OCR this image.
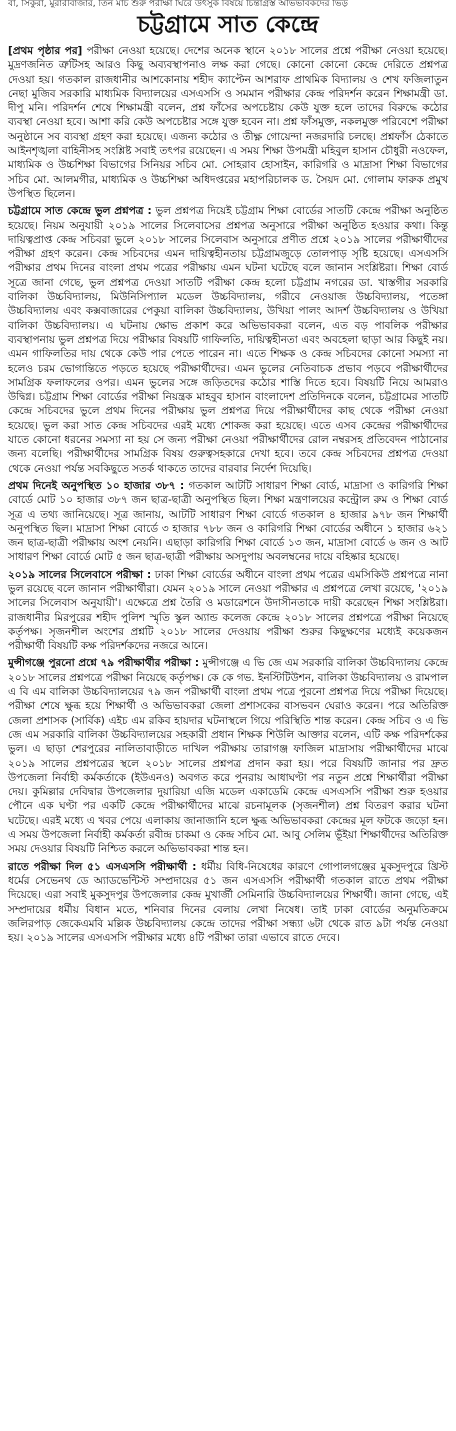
বা, সিকুরা, মুরারীবাজার, তিন মার্চ শুরু পরীক্ষা ঘিরে উৎসুক বিষয়ে চিন্তাগ্রস্ত অভিভাবকদের ভিড়
চট্টগ্রামে সাত কেন্দ্রে

[প্রথম পৃষ্ঠার পর] পরীক্ষা নেওয়া হয়েছে। দেশের অনেক স্থানে ২০১৮ সালের প্রশ্নে পরীক্ষা নেওয়া হয়েছে। মুদ্রণজনিত ত্রুটিসহ আরও কিছু অব্যবস্থাপনাও লক্ষ করা গেছে। কোনো কোনো কেন্দ্রে দেরিতে প্রশ্নপত্র দেওয়া হয়। গতকাল রাজধানীর আশকোনায় শহীদ ক্যাপ্টেন আশরাফ প্রাথমিক বিদ্যালয় ও শেখ ফজিলাতুন নেছা মুজিব সরকারি মাধ্যমিক বিদ্যালয়ের এসএসসি ও সমমান পরীক্ষার কেন্দ্র পরিদর্শন করেন শিক্ষামন্ত্রী ডা. দীপু মনি। পরিদর্শন শেষে শিক্ষামন্ত্রী বলেন, প্রশ্ন ফাঁসের অপচেষ্টায় কেউ যুক্ত হলে তাদের বিরুদ্ধে কঠোর ব্যবস্থা নেওয়া হবে। আশা করি কেউ অপচেষ্টার সঙ্গে যুক্ত হবেন না। প্রশ্ন ফাঁসমুক্ত, নকলমুক্ত পরিবেশে পরীক্ষা অনুষ্ঠানে সব ব্যবস্থা গ্রহণ করা হয়েছে। এজন্য কঠোর ও তীক্ষ্ণ গোয়েন্দা নজরদারি চলছে। প্রশ্নফাঁস ঠেকাতে আইনশৃঙ্খলা বাহিনীসহ সংশ্লিষ্ট সবাই তৎপর রয়েছেন। এ সময় শিক্ষা উপমন্ত্রী মহিবুল হাসান চৌধুরী নওফেল, মাধ্যমিক ও উচ্চশিক্ষা বিভাগের সিনিয়র সচিব মো. সোহরাব হোসাইন, কারিগরি ও মাদ্রাসা শিক্ষা বিভাগের সচিব মো. আলমগীর, মাধ্যমিক ও উচ্চশিক্ষা অধিদপ্তরের মহাপরিচালক ড. সৈয়দ মো. গোলাম ফারুক প্রমুখ উপস্থিত ছিলেন।

চট্টগ্রামে সাত কেন্দ্রে ভুল প্রশ্নপত্র : ভুল প্রশ্নপত্র দিয়েই চট্টগ্রাম শিক্ষা বোর্ডের সাতটি কেন্দ্রে পরীক্ষা অনুষ্ঠিত হয়েছে। নিয়ম অনুযায়ী ২০১৯ সালের সিলেবাসের প্রশ্নপত্র অনুসারে পরীক্ষা অনুষ্ঠিত হওয়ার কথা। কিন্তু দায়িত্বপ্রাপ্ত কেন্দ্র সচিবরা ভুলে ২০১৮ সালের সিলেবাস অনুসারে প্রণীত প্রশ্নে ২০১৯ সালের পরীক্ষার্থীদের পরীক্ষা গ্রহণ করেন। কেন্দ্র সচিবদের এমন দায়িত্বহীনতায় চট্টগ্রামজুড়ে তোলপাড় সৃষ্টি হয়েছে। এসএসসি পরীক্ষার প্রথম দিনের বাংলা প্রথম পত্রের পরীক্ষায় এমন ঘটনা ঘটেছে বলে জানান সংশ্লিষ্টরা। শিক্ষা বোর্ড সূত্রে জানা গেছে, ভুল প্রশ্নপত্র দেওয়া সাতটি পরীক্ষা কেন্দ্র হলো চট্টগ্রাম নগরের ডা. খাস্তগীর সরকারি বালিকা উচ্চবিদ্যালয়, মিউনিসিপ্যাল মডেল উচ্চবিদ্যালয়, গরীবে নেওয়াজ উচ্চবিদ্যালয়, পতেঙ্গা উচ্চবিদ্যালয় এবং কক্সবাজারের পেকুয়া বালিকা উচ্চবিদ্যালয়, উখিয়া পালং আদর্শ উচ্চবিদ্যালয় ও উখিয়া বালিকা উচ্চবিদ্যালয়। এ ঘটনায় ক্ষোভ প্রকাশ করে অভিভাবকরা বলেন, এত বড় পাবলিক পরীক্ষার ব্যবস্থাপনায় ভুল প্রশ্নপত্র দিয়ে পরীক্ষার বিষয়টি গাফিলতি, দায়িত্বহীনতা এবং অবহেলা ছাড়া আর কিছুই নয়। এমন গাফিলতির দায় থেকে কেউ পার পেতে পারেন না। এতে শিক্ষক ও কেন্দ্র সচিবদের কোনো সমস্যা না হলেও চরম ভোগান্তিতে পড়তে হয়েছে পরীক্ষার্থীদের। এমন ভুলের নেতিবাচক প্রভাব পড়বে পরীক্ষার্থীদের সামগ্রিক ফলাফলের ওপর। এমন ভুলের সঙ্গে জড়িতদের কঠোর শাস্তি দিতে হবে। বিষয়টি নিয়ে আমরাও উদ্বিগ্ন। চট্টগ্রাম শিক্ষা বোর্ডের পরীক্ষা নিয়ন্ত্রক মাহবুব হাসান বাংলাদেশ প্রতিদিনকে বলেন, চট্টগ্রামের সাতটি কেন্দ্রে সচিবদের ভুলে প্রথম দিনের পরীক্ষায় ভুল প্রশ্নপত্র দিয়ে পরীক্ষার্থীদের কাছ থেকে পরীক্ষা নেওয়া হয়েছে। ভুল করা সাত কেন্দ্র সচিবদের এরই মধ্যে শোকজ করা হয়েছে। এতে এসব কেন্দ্রের পরীক্ষার্থীদের যাতে কোনো ধরনের সমস্যা না হয় সে জন্য পরীক্ষা নেওয়া পরীক্ষার্থীদের রোল নম্বরসহ প্রতিবেদন পাঠানোর জন্য বলেছি। পরীক্ষার্থীদের সামগ্রিক বিষয় গুরুত্বসহকারে দেখা হবে। তবে কেন্দ্র সচিবদের প্রশ্নপত্র দেওয়া থেকে নেওয়া পর্যন্ত সবকিছুতে সতর্ক থাকতে তাদের বারবার নির্দেশ দিয়েছি।

প্রথম দিনেই অনুপস্থিত ১০ হাজার ৩৮৭ : গতকাল আটটি সাধারণ শিক্ষা বোর্ড, মাদ্রাসা ও কারিগরি শিক্ষা বোর্ডে মোট ১০ হাজার ৩৮৭ জন ছাত্র-ছাত্রী অনুপস্থিত ছিল। শিক্ষা মন্ত্রণালয়ের কন্ট্রোল রুম ও শিক্ষা বোর্ড সূত্র এ তথ্য জানিয়েছে। সূত্র জানায়, আটটি সাধারণ শিক্ষা বোর্ডে গতকাল ৪ হাজার ৯৭৮ জন শিক্ষার্থী অনুপস্থিত ছিল। মাদ্রাসা শিক্ষা বোর্ডে ৩ হাজার ৭৮৮ জন ও কারিগরি শিক্ষা বোর্ডের অধীনে ১ হাজার ৬২১ জন ছাত্র-ছাত্রী পরীক্ষায় অংশ নেয়নি। এছাড়া কারিগরি শিক্ষা বোর্ডে ১৩ জন, মাদ্রাসা বোর্ডে ৬ জন ও আট সাধারণ শিক্ষা বোর্ডে মোট ৫ জন ছাত্র-ছাত্রী পরীক্ষায় অসদুপায় অবলম্বনের দায়ে বহিষ্কার হয়েছে।

২০১৯ সালের সিলেবাসে পরীক্ষা : ঢাকা শিক্ষা বোর্ডের অধীনে বাংলা প্রথম পত্রের এমসিকিউ প্রশ্নপত্রে নানা ভুল রয়েছে বলে জানান পরীক্ষার্থীরা। যেমন ২০১৯ সালে নেওয়া পরীক্ষার এ প্রশ্নপত্রে লেখা রয়েছে, '২০১৯ সালের সিলেবাস অনুযায়ী'। এক্ষেত্রে প্রশ্ন তৈরি ও মডারেশনে উদাসীনতাকে দায়ী করেছেন শিক্ষা সংশ্লিষ্টরা। রাজধানীর মিরপুরের শহীদ পুলিশ স্মৃতি স্কুল অ্যান্ড কলেজ কেন্দ্রে ২০১৮ সালের প্রশ্নপত্রে পরীক্ষা নিয়েছে কর্তৃপক্ষ। সৃজনশীল অংশের প্রশ্নটি ২০১৮ সালের দেওয়ায় পরীক্ষা শুরুর কিছুক্ষণের মধ্যেই কয়েকজন পরীক্ষার্থী বিষয়টি কক্ষ পরিদর্শকদের নজরে আনে।

মুন্সীগঞ্জে পুরনো প্রশ্নে ৭৯ পরীক্ষার্থীর পরীক্ষা : মুন্সীগঞ্জে এ ভি জে এম সরকারি বালিকা উচ্চবিদ্যালয় কেন্দ্রে ২০১৮ সালের প্রশ্নপত্রে পরীক্ষা নিয়েছে কর্তৃপক্ষ। কে কে গভ. ইনস্টিটিউশন, বালিকা উচ্চবিদ্যালয় ও রামপাল এ বি এম বালিকা উচ্চবিদ্যালয়ের ৭৯ জন পরীক্ষার্থী বাংলা প্রথম পত্রে পুরনো প্রশ্নপত্র দিয়ে পরীক্ষা দিয়েছে। পরীক্ষা শেষে ক্ষুব্ধ হয়ে শিক্ষার্থী ও অভিভাবকরা জেলা প্রশাসকের বাসভবন ঘেরাও করেন। পরে অতিরিক্ত জেলা প্রশাসক (সার্বিক) এইচ এম রকিব হায়দার ঘটনাস্থলে গিয়ে পরিস্থিতি শান্ত করেন। কেন্দ্র সচিব ও এ ভি জে এম সরকারি বালিকা উচ্চবিদ্যালয়ের সহকারী প্রধান শিক্ষক শিউলি আক্তার বলেন, এটি কক্ষ পরিদর্শকের ভুল। এ ছাড়া শেরপুরের নালিতাবাড়ীতে দাখিল পরীক্ষায় তারাগঞ্জ ফাজিল মাদ্রাসায় পরীক্ষার্থীদের মাঝে ২০১৯ সালের প্রশ্নপত্রের স্থলে ২০১৮ সালের প্রশ্নপত্র প্রদান করা হয়। পরে বিষয়টি জানার পর দ্রুত উপজেলা নির্বাহী কর্মকর্তাকে (ইউএনও) অবগত করে পুনরায় আধাঘণ্টা পর নতুন প্রশ্নে শিক্ষার্থীরা পরীক্ষা দেয়। কুমিল্লার দেবিদ্বার উপজেলার দুয়ারিয়া এজি মডেল একাডেমি কেন্দ্রে এসএসসি পরীক্ষা শুরু হওয়ার পৌনে এক ঘণ্টা পর একটি কেন্দ্রে পরীক্ষার্থীদের মাঝে রচনামূলক (সৃজনশীল) প্রশ্ন বিতরণ করার ঘটনা ঘটেছে। এরই মধ্যে এ খবর পেয়ে এলাকায় জানাজানি হলে ক্ষুব্ধ অভিভাবকরা কেন্দ্রের মূল ফটকে জড়ো হন। এ সময় উপজেলা নির্বাহী কর্মকর্তা রবীন্দ্র চাকমা ও কেন্দ্র সচিব মো. আবু সেলিম ভূঁইয়া শিক্ষার্থীদের অতিরিক্ত সময় দেওয়ার বিষয়টি নিশ্চিত করলে অভিভাবকরা শান্ত হন।

রাতে পরীক্ষা দিল ৫১ এসএসসি পরীক্ষার্থী : ধর্মীয় বিধি-নিষেধের কারণে গোপালগঞ্জের মুকসুদপুরে খ্রিস্ট ধর্মের সেভেনথ ডে অ্যাডভেন্টিস্ট সম্প্রদায়ের ৫১ জন এসএসসি পরীক্ষার্থী গতকাল রাতে প্রথম পরীক্ষা দিয়েছে। এরা সবাই মুকসুদপুর উপজেলার কেন্দ্র মুখার্জী সেমিনারি উচ্চবিদ্যালয়ের শিক্ষার্থী। জানা গেছে, এই সম্প্রদায়ের ধর্মীয় বিধান মতে, শনিবার দিনের বেলায় লেখা নিষেধ। তাই ঢাকা বোর্ডের অনুমতিক্রমে জলিরপাড় জেকেএমবি মল্লিক উচ্চবিদ্যালয় কেন্দ্রে তাদের পরীক্ষা সন্ধ্যা ৬টা থেকে রাত ৯টা পর্যন্ত নেওয়া হয়। ২০১৯ সালের এসএসসি পরীক্ষার মধ্যে ৪টি পরীক্ষা তারা এভাবে রাতে দেবে।
